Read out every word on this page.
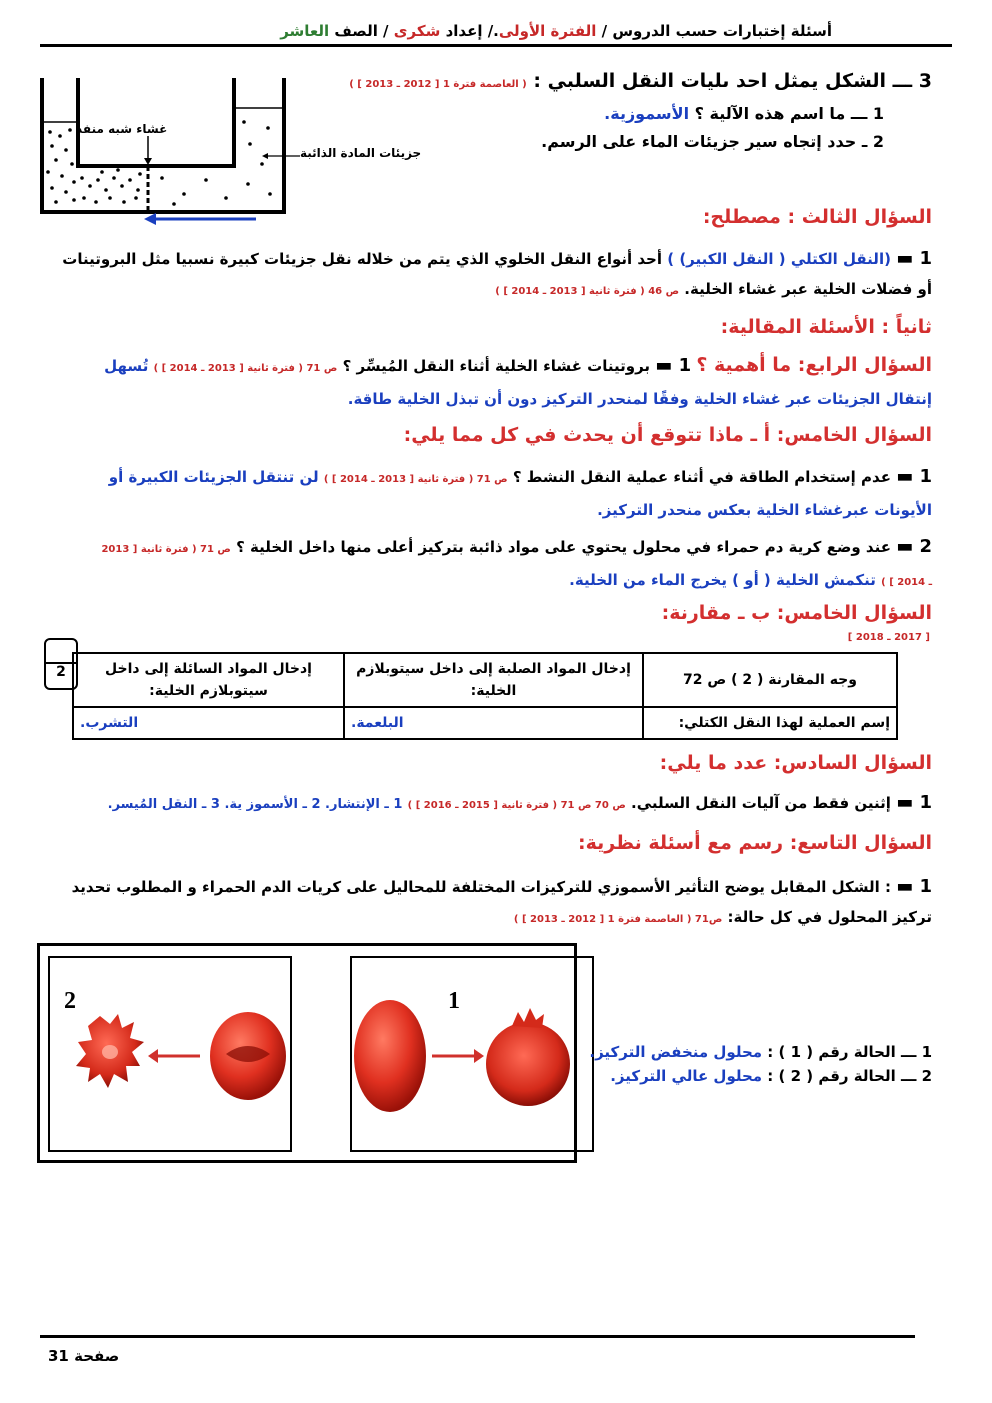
أسئلة إختبارات حسب الدروس / الفترة الأولى./ إعداد شكرى / الصف العاشر
3 ـــ الشكل يمثل احد ىليات النقل السلبي : ( العاصمة فترة 1 [ 2012 ـ 2013 ] )
1 ـــ ما اسم هذه الآلية ؟ الأسموزية.
2 ـ حدد إتجاه سير جزيئات الماء على الرسم.
غشاء شبه منفذ
جزيئات المادة الذائبة
السؤال الثالث : مصطلح:
1 ▬ (النقل الكتلي ( النقل الكبير) ) أحد أنواع النقل الخلوي الذي يتم من خلاله نقل جزيئات كبيرة نسبيا مثل البروتينات
أو فضلات الخلية عبر غشاء الخلية. ص 46 ( فترة ثانية [ 2013 ـ 2014 ] )
ثانياً : الأسئلة المقالية:
السؤال الرابع: ما أهمية ؟ 1 ▬ بروتينات غشاء الخلية أثناء النقل المُيسِّر ؟ ص 71 ( فترة ثانية [ 2013 ـ 2014 ] ) تُسهل
إنتقال الجزيئات عبر غشاء الخلية وفقًا لمنحدر التركيز دون أن تبذل الخلية طاقة.
السؤال الخامس: أ ـ ماذا تتوقع أن يحدث في كل مما يلي:
1 ▬ عدم إستخدام الطاقة في أثناء عملية النقل النشط ؟ ص 71 ( فترة ثانية [ 2013 ـ 2014 ] ) لن تنتقل الجزيئات الكبيرة أو
الأيونات عبرغشاء الخلية بعكس منحدر التركيز.
2 ▬ عند وضع كرية دم حمراء في محلول يحتوي على مواد ذائبة بتركيز أعلى منها داخل الخلية ؟ ص 71 ( فترة ثانية [ 2013
ـ 2014 ] ) تنكمش الخلية ( أو ) يخرج الماء من الخلية.
السؤال الخامس: ب ـ مقارنة:
[ 2017 ـ 2018 ]
2	وجه المقارنة ( 2 ) ص 72	إدخال المواد الصلبة إلى داخل سيتوبلازم الخلية:	إدخال المواد السائلة إلى داخل سيتوبلازم الخلية:
إسم العملية لهذا النقل الكتلي:	البلعمة.	التشرب.
السؤال السادس: عدد ما يلي:
1 ▬ إثنين فقط من آليات النقل السلبي. ص 70 ص 71 ( فترة ثانية [ 2015 ـ 2016 ] ) 1 ـ الإنتشار. 2 ـ الأسموز ية. 3 ـ النقل المُيسر.
السؤال التاسع: رسم مع أسئلة نظرية:
1 ▬ : الشكل المقابل يوضح التأثير الأسموزي للتركيزات المختلفة للمحاليل على كريات الدم الحمراء و المطلوب تحديد
تركيز المحلول في كل حالة: ص71 ( العاصمة فترة 1 [ 2012 ـ 2013 ] )
2	1
1 ـــ الحالة رقم ( 1 ) : محلول منخفض التركيز.
2 ـــ الحالة رقم ( 2 ) : محلول عالي التركيز.
صفحة 31
